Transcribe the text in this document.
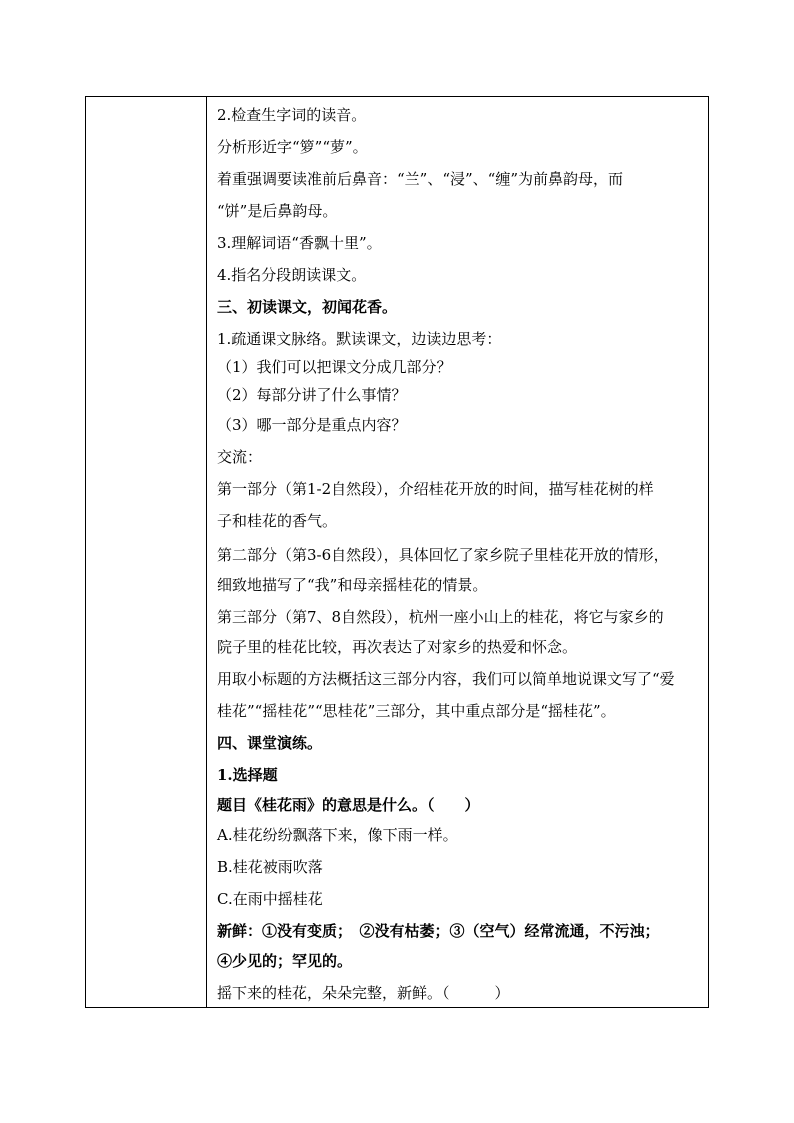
2.检查生字词的读音。
分析形近字“箩”“萝”。
着重强调要读准前后鼻音：“兰”、“浸”、“缠”为前鼻韵母，而
“饼”是后鼻韵母。
3.理解词语“香飘十里”。
4.指名分段朗读课文。
三、初读课文，初闻花香。
1.疏通课文脉络。默读课文，边读边思考：
（1）我们可以把课文分成几部分？
（2）每部分讲了什么事情？
（3）哪一部分是重点内容？
交流：
第一部分（第1-2自然段），介绍桂花开放的时间，描写桂花树的样
子和桂花的香气。
第二部分（第3-6自然段），具体回忆了家乡院子里桂花开放的情形，
细致地描写了“我”和母亲摇桂花的情景。
第三部分（第7、8自然段），杭州一座小山上的桂花，将它与家乡的
院子里的桂花比较，再次表达了对家乡的热爱和怀念。
用取小标题的方法概括这三部分内容，我们可以简单地说课文写了“爱
桂花”“摇桂花”“思桂花”三部分，其中重点部分是“摇桂花”。
四、课堂演练。
1.选择题
题目《桂花雨》的意思是什么。（　　）
A.桂花纷纷飘落下来，像下雨一样。
B.桂花被雨吹落
C.在雨中摇桂花
新鲜：①没有变质；　②没有枯萎；③（空气）经常流通，不污浊；
④少见的；罕见的。
摇下来的桂花，朵朵完整，新鲜。（　　　）
